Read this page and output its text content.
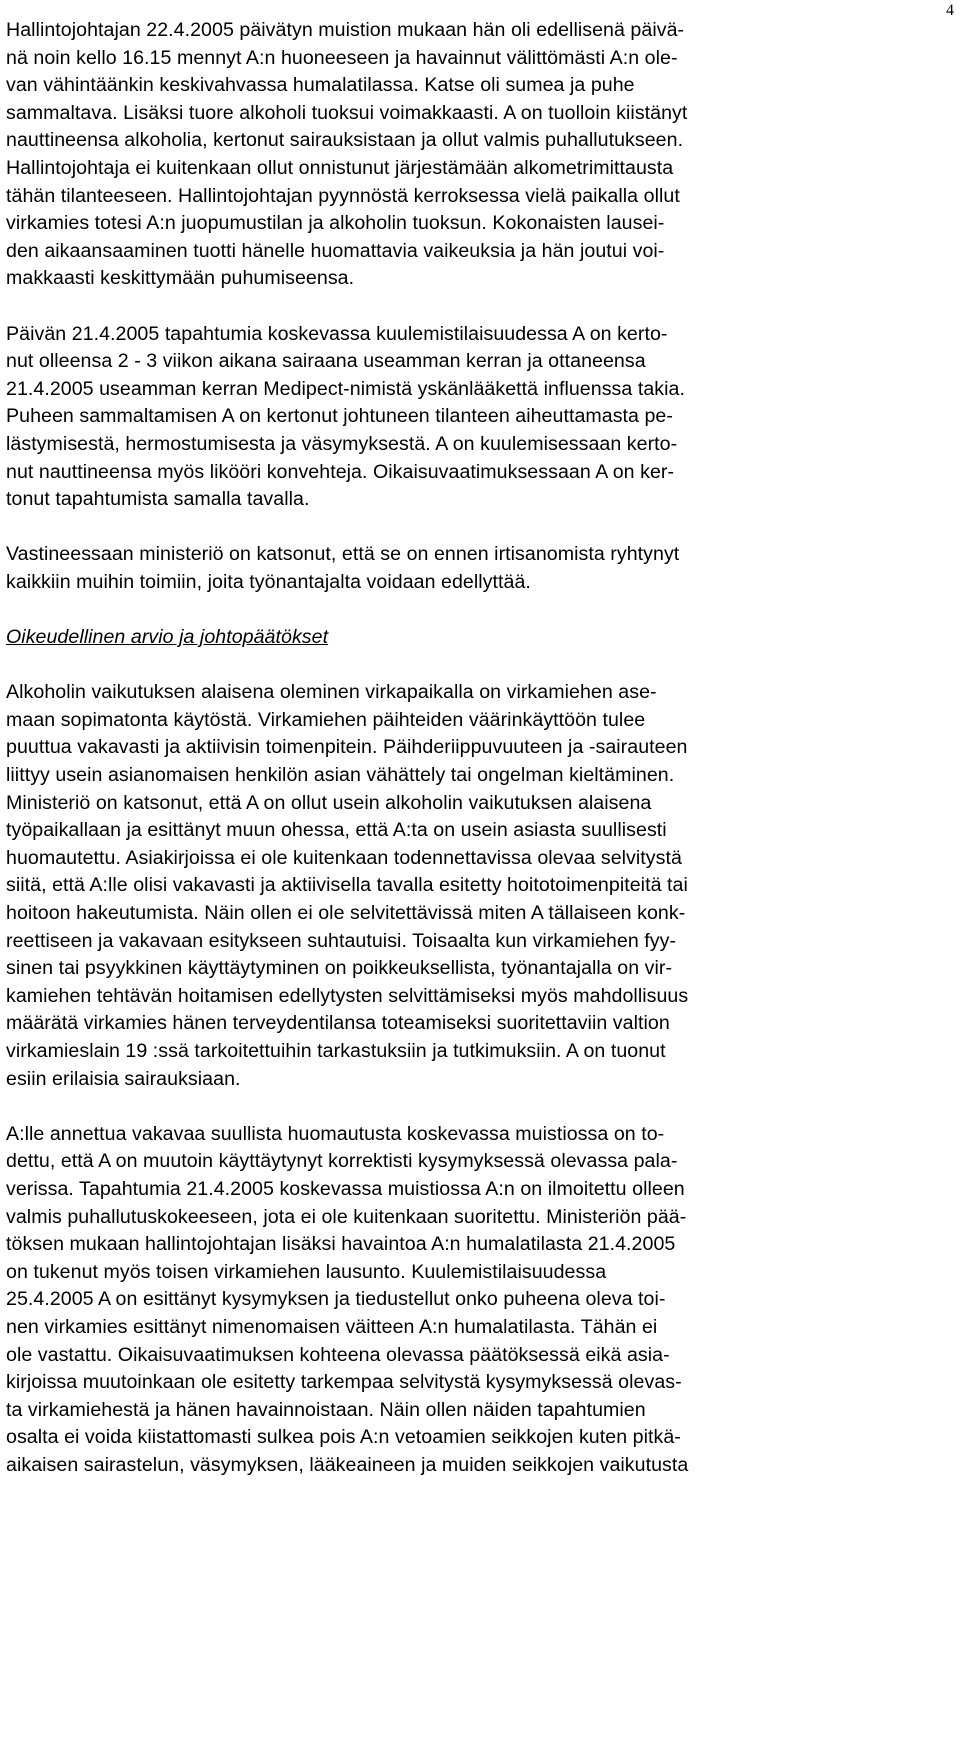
4
Hallintojohtajan 22.4.2005 päivätyn muistion mukaan hän oli edellisenä päivä-
nä noin kello 16.15 mennyt A:n huoneeseen ja havainnut välittömästi A:n ole-
van vähintäänkin keskivahvassa humalatilassa. Katse oli sumea ja puhe
sammaltava. Lisäksi tuore alkoholi tuoksui voimakkaasti. A on tuolloin kiistänyt
nauttineensa alkoholia, kertonut sairauksistaan ja ollut valmis puhallutukseen.
Hallintojohtaja ei kuitenkaan ollut onnistunut järjestämään alkometrimittausta
tähän tilanteeseen. Hallintojohtajan pyynnöstä kerroksessa vielä paikalla ollut
virkamies totesi A:n juopumustilan ja alkoholin tuoksun. Kokonaisten lausei-
den aikaansaaminen tuotti hänelle huomattavia vaikeuksia ja hän joutui voi-
makkaasti keskittymään puhumiseensa.
Päivän 21.4.2005 tapahtumia koskevassa kuulemistilaisuudessa A on kerto-
nut olleensa 2 - 3 viikon aikana sairaana useamman kerran ja ottaneensa
21.4.2005 useamman kerran Medipect-nimistä yskänlääkettä influenssa takia.
Puheen sammaltamisen A on kertonut johtuneen tilanteen aiheuttamasta pe-
lästymisestä, hermostumisesta ja väsymyksestä. A on kuulemisessaan kerto-
nut nauttineensa myös likööri konvehteja. Oikaisuvaatimuksessaan A on ker-
tonut tapahtumista samalla tavalla.
Vastineessaan ministeriö on katsonut, että se on ennen irtisanomista ryhtynyt
kaikkiin muihin toimiin, joita työnantajalta voidaan edellyttää.
Oikeudellinen arvio ja johtopäätökset
Alkoholin vaikutuksen alaisena oleminen virkapaikalla on virkamiehen ase-
maan sopimatonta käytöstä. Virkamiehen päihteiden väärinkäyttöön tulee
puuttua vakavasti ja aktiivisin toimenpitein. Päihderiippuvuuteen ja -sairauteen
liittyy usein asianomaisen henkilön asian vähättely tai ongelman kieltäminen.
Ministeriö on katsonut, että A on ollut usein alkoholin vaikutuksen alaisena
työpaikallaan ja esittänyt muun ohessa, että A:ta on usein asiasta suullisesti
huomautettu. Asiakirjoissa ei ole kuitenkaan todennettavissa olevaa selvitystä
siitä, että A:lle olisi vakavasti ja aktiivisella tavalla esitetty hoitotoimenpiteitä tai
hoitoon hakeutumista. Näin ollen ei ole selvitettävissä miten A tällaiseen konk-
reettiseen ja vakavaan esitykseen suhtautuisi. Toisaalta kun virkamiehen fyy-
sinen tai psyykkinen käyttäytyminen on poikkeuksellista, työnantajalla on vir-
kamiehen tehtävän hoitamisen edellytysten selvittämiseksi myös mahdollisuus
määrätä virkamies hänen terveydentilansa toteamiseksi suoritettaviin valtion
virkamieslain 19 :ssä tarkoitettuihin tarkastuksiin ja tutkimuksiin. A on tuonut
esiin erilaisia sairauksiaan.
A:lle annettua vakavaa suullista huomautusta koskevassa muistiossa on to-
dettu, että A on muutoin käyttäytynyt korrektisti kysymyksessä olevassa pala-
verissa. Tapahtumia 21.4.2005 koskevassa muistiossa A:n on ilmoitettu olleen
valmis puhallutuskokeeseen, jota ei ole kuitenkaan suoritettu. Ministeriön pää-
töksen mukaan hallintojohtajan lisäksi havaintoa A:n humalatilasta 21.4.2005
on tukenut myös toisen virkamiehen lausunto. Kuulemistilaisuudessa
25.4.2005 A on esittänyt kysymyksen ja tiedustellut onko puheena oleva toi-
nen virkamies esittänyt nimenomaisen väitteen A:n humalatilasta. Tähän ei
ole vastattu. Oikaisuvaatimuksen kohteena olevassa päätöksessä eikä asia-
kirjoissa muutoinkaan ole esitetty tarkempaa selvitystä kysymyksessä olevas-
ta virkamiehestä ja hänen havainnoistaan. Näin ollen näiden tapahtumien
osalta ei voida kiistattomasti sulkea pois A:n vetoamien seikkojen kuten pitkä-
aikaisen sairastelun, väsymyksen, lääkeaineen ja muiden seikkojen vaikutusta
